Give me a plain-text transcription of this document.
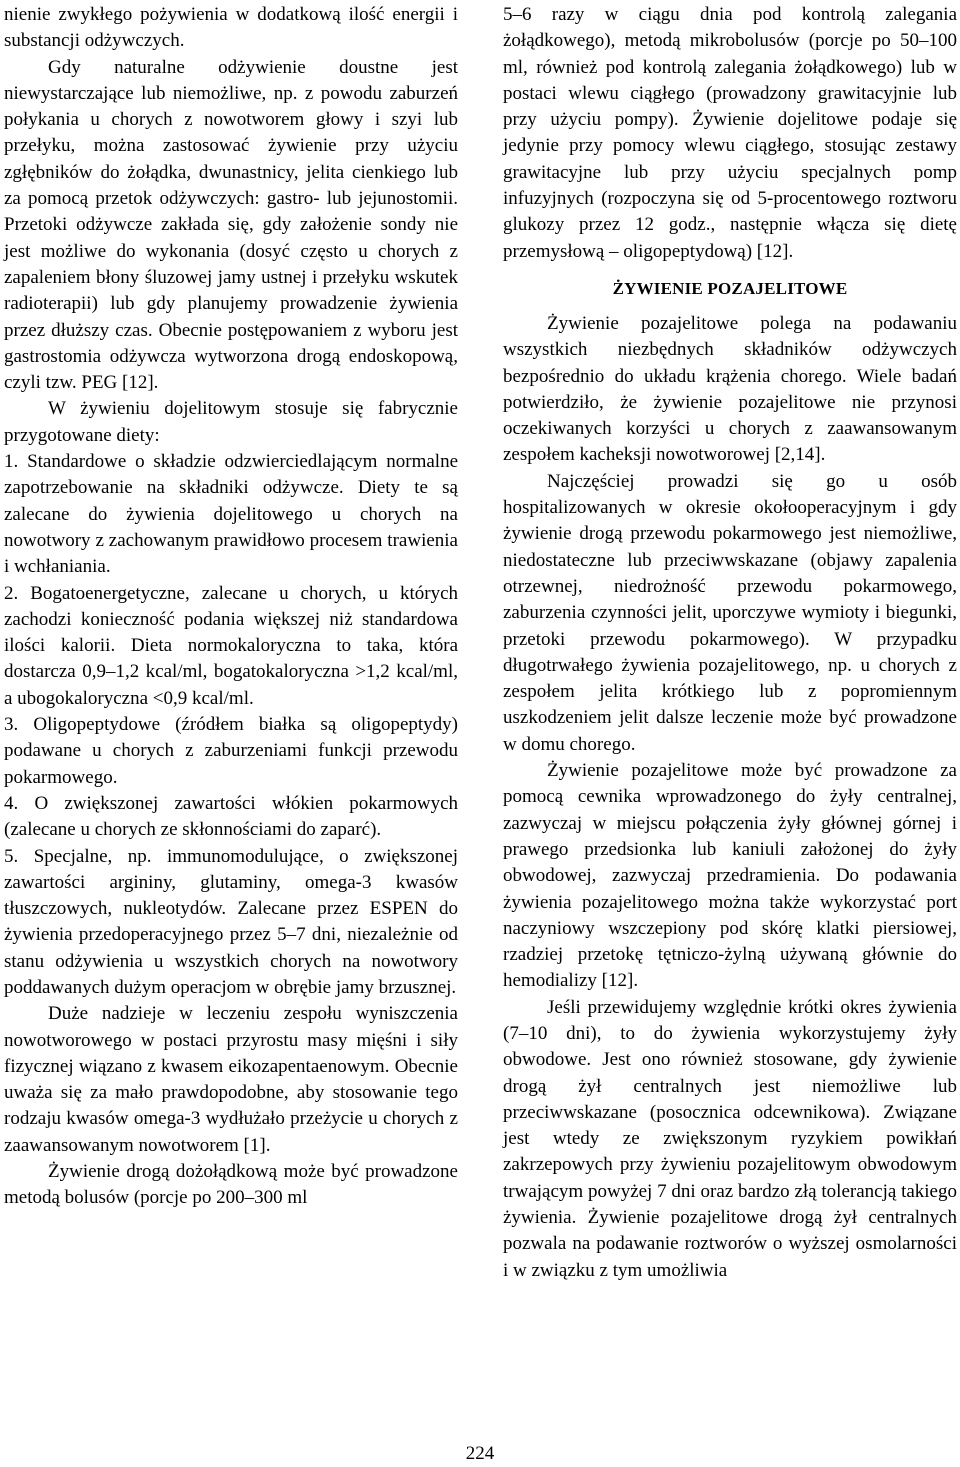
nienie zwykłego pożywienia w dodatkową ilość energii i substancji odżywczych.

Gdy naturalne odżywienie doustne jest niewystarczające lub niemożliwe, np. z powodu zaburzeń połykania u chorych z nowotworem głowy i szyi lub przełyku, można zastosować żywienie przy użyciu zgłębników do żołądka, dwunastnicy, jelita cienkiego lub za pomocą przetok odżywczych: gastro- lub jejunostomii. Przetoki odżywcze zakłada się, gdy założenie sondy nie jest możliwe do wykonania (dosyć często u chorych z zapaleniem błony śluzowej jamy ustnej i przełyku wskutek radioterapii) lub gdy planujemy prowadzenie żywienia przez dłuższy czas. Obecnie postępowaniem z wyboru jest gastrostomia odżywcza wytworzona drogą endoskopową, czyli tzw. PEG [12].

W żywieniu dojelitowym stosuje się fabrycznie przygotowane diety:

1. Standardowe o składzie odzwierciedlającym normalne zapotrzebowanie na składniki odżywcze. Diety te są zalecane do żywienia dojelitowego u chorych na nowotwory z zachowanym prawidłowo procesem trawienia i wchłaniania.

2. Bogatoenergetyczne, zalecane u chorych, u których zachodzi konieczność podania większej niż standardowa ilości kalorii. Dieta normokaloryczna to taka, która dostarcza 0,9–1,2 kcal/ml, bogatokaloryczna >1,2 kcal/ml, a ubogokaloryczna <0,9 kcal/ml.

3. Oligopeptydowe (źródłem białka są oligopeptydy) podawane u chorych z zaburzeniami funkcji przewodu pokarmowego.

4. O zwiększonej zawartości włókien pokarmowych (zalecane u chorych ze skłonnościami do zaparć).

5. Specjalne, np. immunomodulujące, o zwiększonej zawartości argininy, glutaminy, omega-3 kwasów tłuszczowych, nukleotydów. Zalecane przez ESPEN do żywienia przedoperacyjnego przez 5–7 dni, niezależnie od stanu odżywienia u wszystkich chorych na nowotwory poddawanych dużym operacjom w obrębie jamy brzusznej.

Duże nadzieje w leczeniu zespołu wyniszczenia nowotworowego w postaci przyrostu masy mięśni i siły fizycznej wiązano z kwasem eikozapentaenowym. Obecnie uważa się za mało prawdopodobne, aby stosowanie tego rodzaju kwasów omega-3 wydłużało przeżycie u chorych z zaawansowanym nowotworem [1].

Żywienie drogą dożołądkową może być prowadzone metodą bolusów (porcje po 200–300 ml

5–6 razy w ciągu dnia pod kontrolą zalegania żołądkowego), metodą mikrobolusów (porcje po 50–100 ml, również pod kontrolą zalegania żołądkowego) lub w postaci wlewu ciągłego (prowadzony grawitacyjnie lub przy użyciu pompy). Żywienie dojelitowe podaje się jedynie przy pomocy wlewu ciągłego, stosując zestawy grawitacyjne lub przy użyciu specjalnych pomp infuzyjnych (rozpoczyna się od 5-procentowego roztworu glukozy przez 12 godz., następnie włącza się dietę przemysłową – oligopeptydową) [12].

ŻYWIENIE POZAJELITOWE

Żywienie pozajelitowe polega na podawaniu wszystkich niezbędnych składników odżywczych bezpośrednio do układu krążenia chorego. Wiele badań potwierdziło, że żywienie pozajelitowe nie przynosi oczekiwanych korzyści u chorych z zaawansowanym zespołem kacheksji nowotworowej [2,14].

Najczęściej prowadzi się go u osób hospitalizowanych w okresie okołooperacyjnym i gdy żywienie drogą przewodu pokarmowego jest niemożliwe, niedostateczne lub przeciwwskazane (objawy zapalenia otrzewnej, niedrożność przewodu pokarmowego, zaburzenia czynności jelit, uporczywe wymioty i biegunki, przetoki przewodu pokarmowego). W przypadku długotrwałego żywienia pozajelitowego, np. u chorych z zespołem jelita krótkiego lub z popromiennym uszkodzeniem jelit dalsze leczenie może być prowadzone w domu chorego.

Żywienie pozajelitowe może być prowadzone za pomocą cewnika wprowadzonego do żyły centralnej, zazwyczaj w miejscu połączenia żyły głównej górnej i prawego przedsionka lub kaniuli założonej do żyły obwodowej, zazwyczaj przedramienia. Do podawania żywienia pozajelitowego można także wykorzystać port naczyniowy wszczepiony pod skórę klatki piersiowej, rzadziej przetokę tętniczo-żylną używaną głównie do hemodializy [12].

Jeśli przewidujemy względnie krótki okres żywienia (7–10 dni), to do żywienia wykorzystujemy żyły obwodowe. Jest ono również stosowane, gdy żywienie drogą żył centralnych jest niemożliwe lub przeciwwskazane (posocznica odcewnikowa). Związane jest wtedy ze zwiększonym ryzykiem powikłań zakrzepowych przy żywieniu pozajelitowym obwodowym trwającym powyżej 7 dni oraz bardzo złą tolerancją takiego żywienia. Żywienie pozajelitowe drogą żył centralnych pozwala na podawanie roztworów o wyższej osmolarności i w związku z tym umożliwia

224
